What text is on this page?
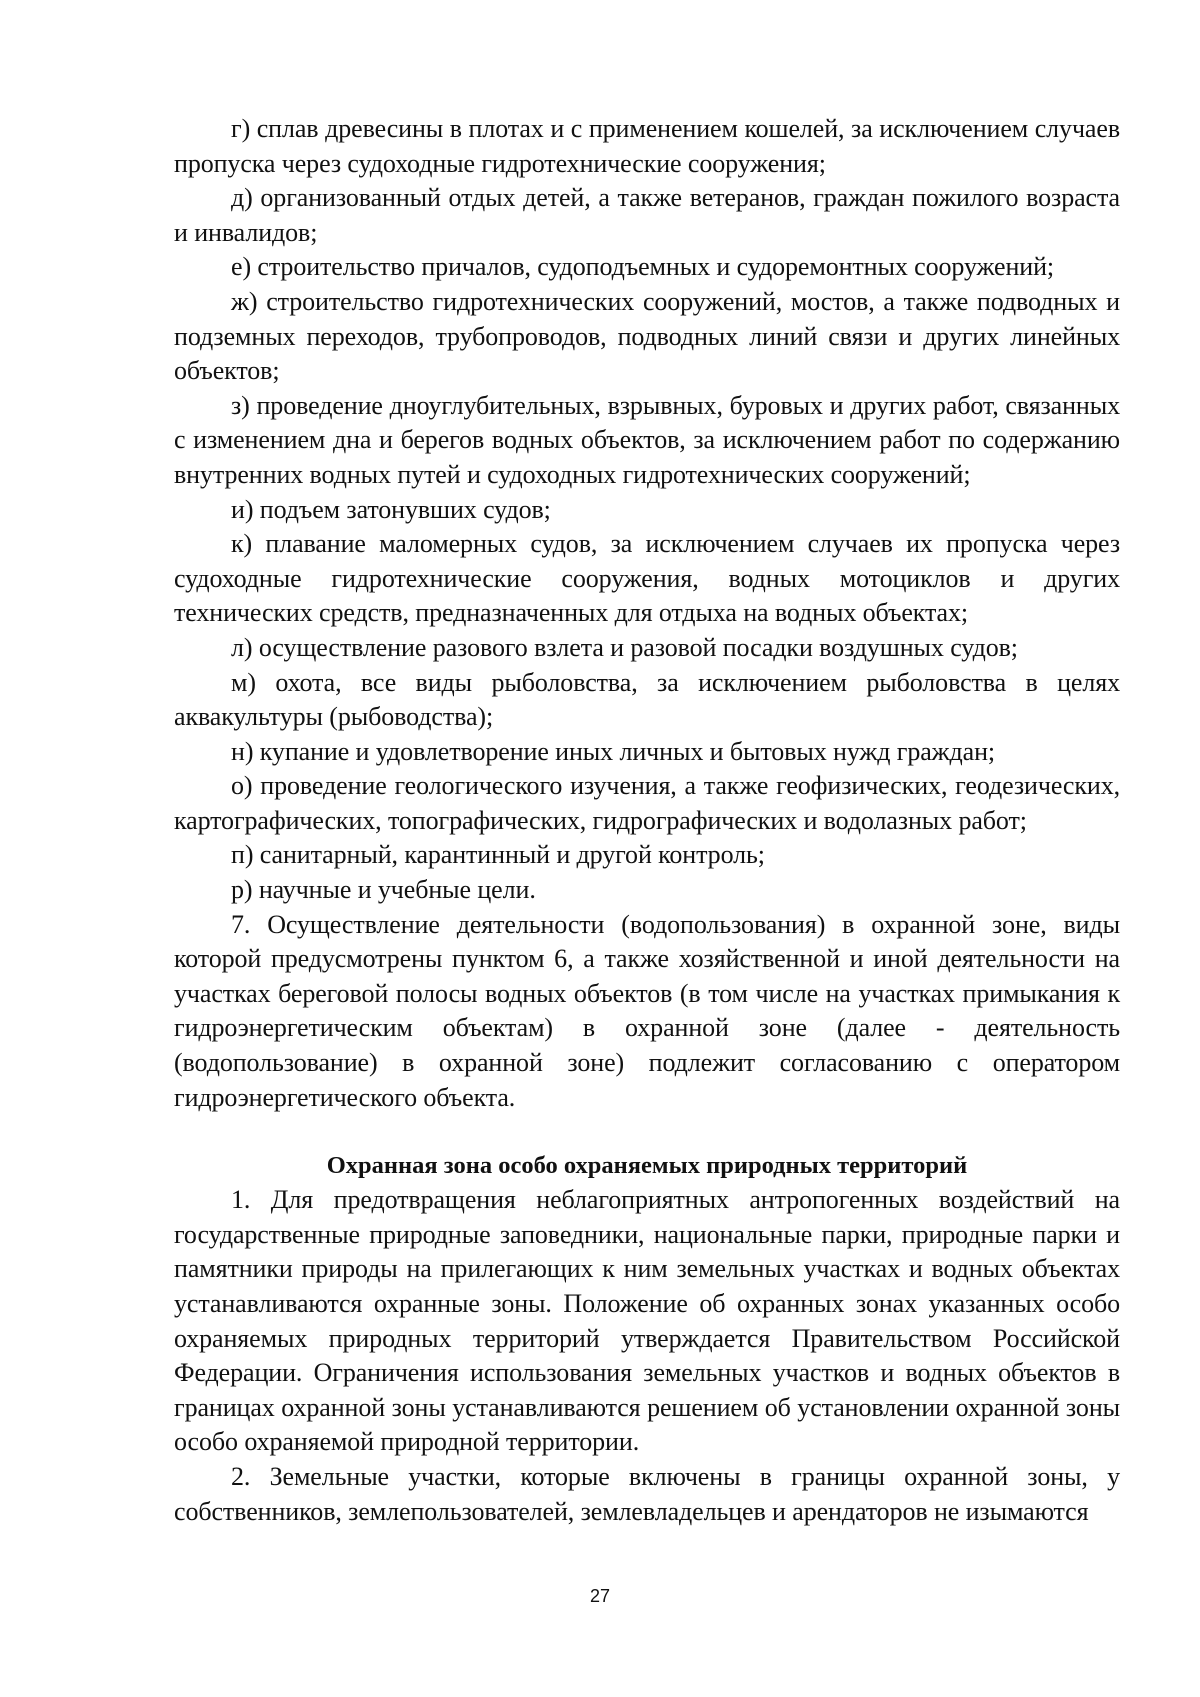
г) сплав древесины в плотах и с применением кошелей, за исключением случаев пропуска через судоходные гидротехнические сооружения;

д) организованный отдых детей, а также ветеранов, граждан пожилого возраста и инвалидов;

е) строительство причалов, судоподъемных и судоремонтных сооружений;

ж) строительство гидротехнических сооружений, мостов, а также подводных и подземных переходов, трубопроводов, подводных линий связи и других линейных объектов;

з) проведение дноуглубительных, взрывных, буровых и других работ, связанных с изменением дна и берегов водных объектов, за исключением работ по содержанию внутренних водных путей и судоходных гидротехнических сооружений;

и) подъем затонувших судов;

к) плавание маломерных судов, за исключением случаев их пропуска через судоходные гидротехнические сооружения, водных мотоциклов и других технических средств, предназначенных для отдыха на водных объектах;

л) осуществление разового взлета и разовой посадки воздушных судов;

м) охота, все виды рыболовства, за исключением рыболовства в целях аквакультуры (рыбоводства);

н) купание и удовлетворение иных личных и бытовых нужд граждан;

о) проведение геологического изучения, а также геофизических, геодезических, картографических, топографических, гидрографических и водолазных работ;

п) санитарный, карантинный и другой контроль;

р) научные и учебные цели.

7. Осуществление деятельности (водопользования) в охранной зоне, виды которой предусмотрены пунктом 6, а также хозяйственной и иной деятельности на участках береговой полосы водных объектов (в том числе на участках примыкания к гидроэнергетическим объектам) в охранной зоне (далее - деятельность (водопользование) в охранной зоне) подлежит согласованию с оператором гидроэнергетического объекта.

Охранная зона особо охраняемых природных территорий

1. Для предотвращения неблагоприятных антропогенных воздействий на государственные природные заповедники, национальные парки, природные парки и памятники природы на прилегающих к ним земельных участках и водных объектах устанавливаются охранные зоны. Положение об охранных зонах указанных особо охраняемых природных территорий утверждается Правительством Российской Федерации. Ограничения использования земельных участков и водных объектов в границах охранной зоны устанавливаются решением об установлении охранной зоны особо охраняемой природной территории.

2. Земельные участки, которые включены в границы охранной зоны, у собственников, землепользователей, землевладельцев и арендаторов не изымаются

27
